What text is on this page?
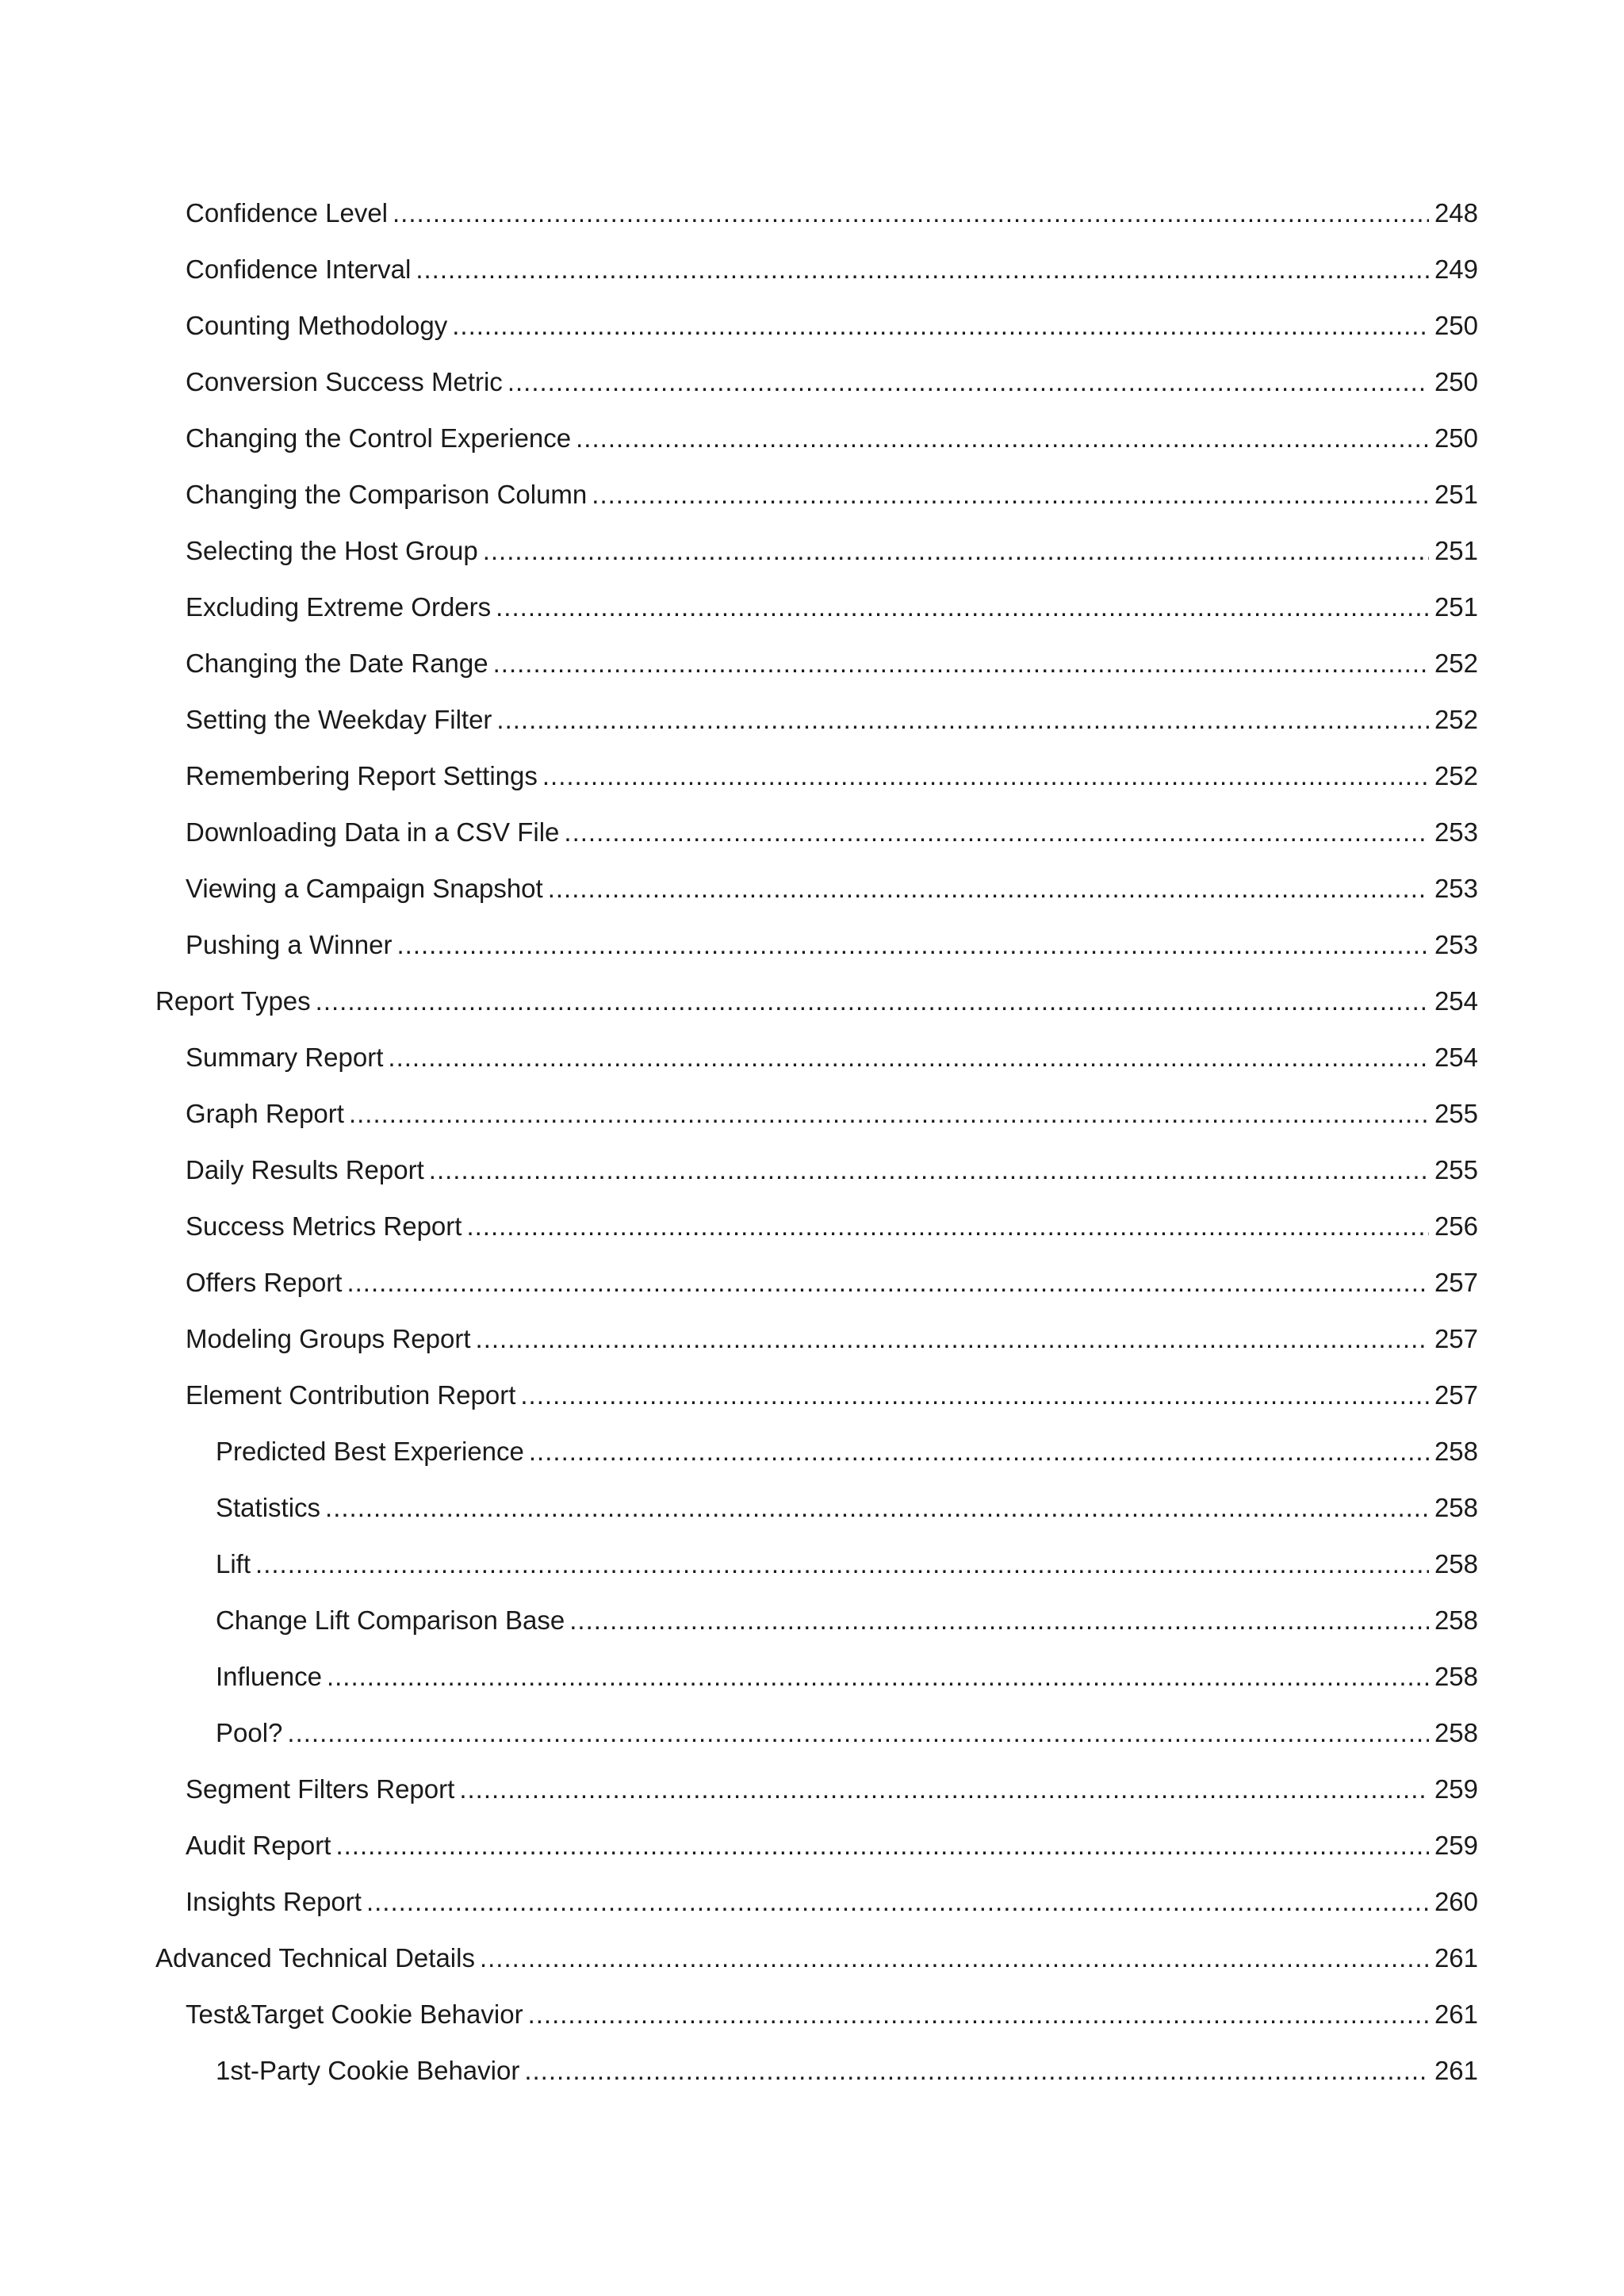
Confidence Level .....	248
Confidence Interval .....	249
Counting Methodology .....	250
Conversion Success Metric .....	250
Changing the Control Experience .....	250
Changing the Comparison Column .....	251
Selecting the Host Group .....	251
Excluding Extreme Orders .....	251
Changing the Date Range .....	252
Setting the Weekday Filter .....	252
Remembering Report Settings .....	252
Downloading Data in a CSV File .....	253
Viewing a Campaign Snapshot .....	253
Pushing a Winner .....	253
Report Types .....	254
Summary Report .....	254
Graph Report .....	255
Daily Results Report .....	255
Success Metrics Report .....	256
Offers Report .....	257
Modeling Groups Report .....	257
Element Contribution Report .....	257
Predicted Best Experience .....	258
Statistics .....	258
Lift .....	258
Change Lift Comparison Base .....	258
Influence .....	258
Pool? .....	258
Segment Filters Report .....	259
Audit Report .....	259
Insights Report .....	260
Advanced Technical Details .....	261
Test&Target Cookie Behavior .....	261
1st-Party Cookie Behavior .....	261
